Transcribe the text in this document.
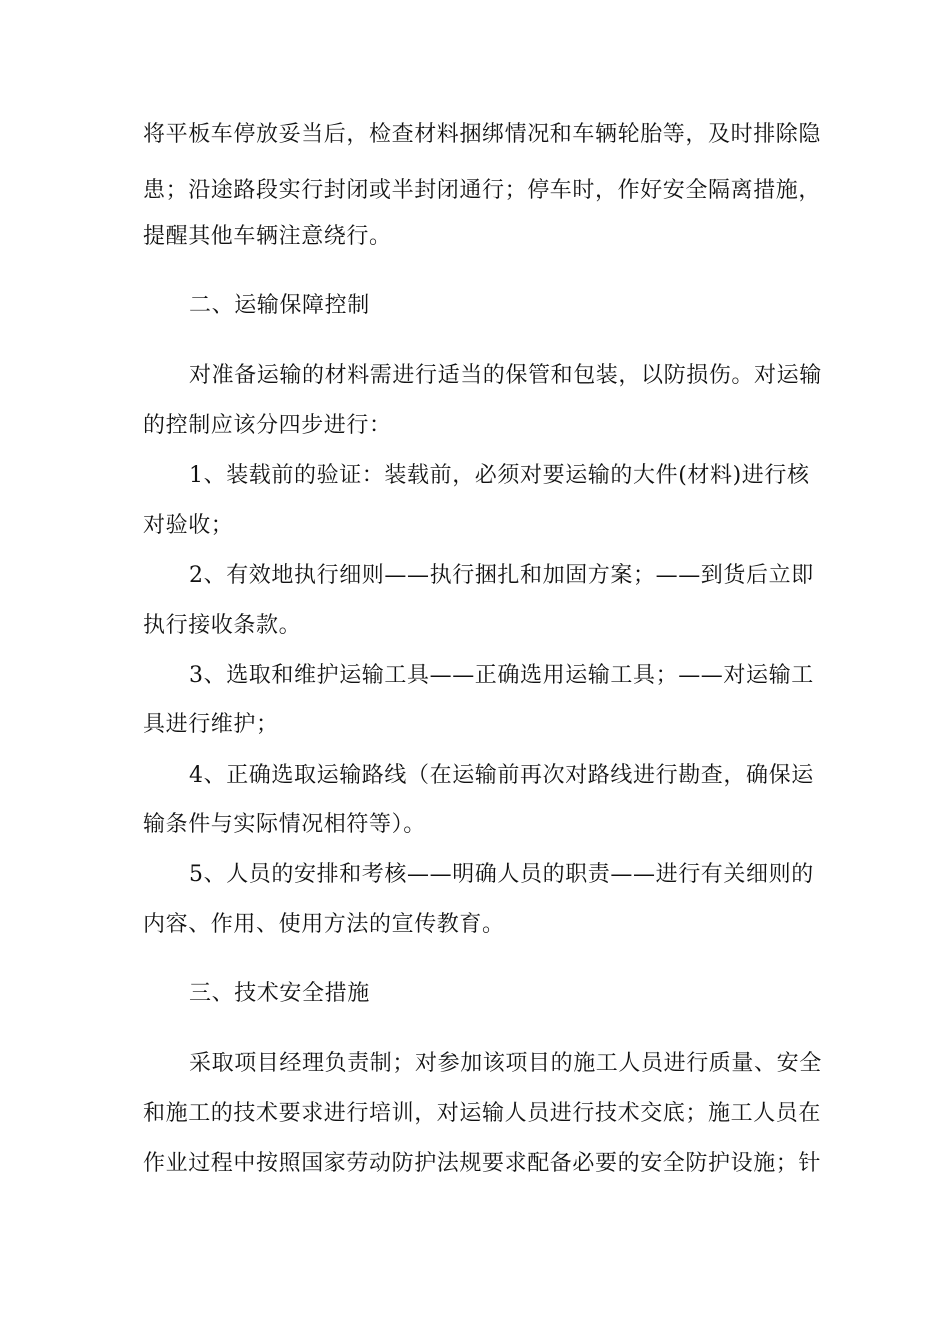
将平板车停放妥当后，检查材料捆绑情况和车辆轮胎等，及时排除隐
患；沿途路段实行封闭或半封闭通行；停车时，作好安全隔离措施，
提醒其他车辆注意绕行。
二、运输保障控制
对准备运输的材料需进行适当的保管和包装，以防损伤。对运输
的控制应该分四步进行：
1、装载前的验证：装载前，必须对要运输的大件(材料)进行核
对验收；
2、有效地执行细则——执行捆扎和加固方案；——到货后立即
执行接收条款。
3、选取和维护运输工具——正确选用运输工具；——对运输工
具进行维护；
4、正确选取运输路线（在运输前再次对路线进行勘查，确保运
输条件与实际情况相符等）。
5、人员的安排和考核——明确人员的职责——进行有关细则的
内容、作用、使用方法的宣传教育。
三、技术安全措施
采取项目经理负责制；对参加该项目的施工人员进行质量、安全
和施工的技术要求进行培训，对运输人员进行技术交底；施工人员在
作业过程中按照国家劳动防护法规要求配备必要的安全防护设施；针
